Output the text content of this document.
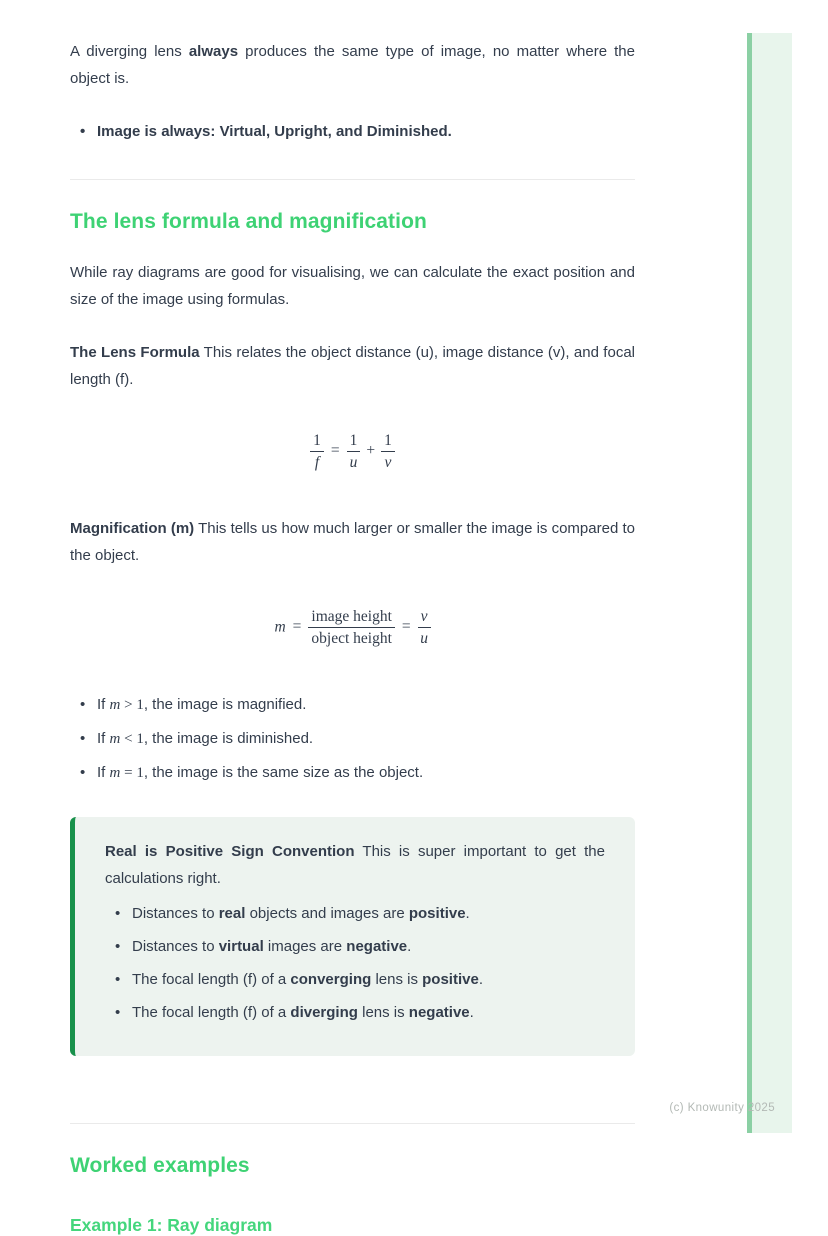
A diverging lens always produces the same type of image, no matter where the object is.

• Image is always: Virtual, Upright, and Diminished.
The lens formula and magnification

While ray diagrams are good for visualising, we can calculate the exact position and size of the image using formulas.

The Lens Formula This relates the object distance (u), image distance (v), and focal length (f).

$\frac{1}{f} = \frac{1}{u} + \frac{1}{v}$

Magnification (m) This tells us how much larger or smaller the image is compared to the object.

$m = \frac{\text{image height}}{\text{object height}} = \frac{v}{u}$
• If m > 1, the image is magnified.
• If m < 1, the image is diminished.
• If m = 1, the image is the same size as the object.

Real is Positive Sign Convention This is super important to get the calculations right.

• Distances to real objects and images are positive.
• Distances to virtual images are negative.
• The focal length (f) of a converging lens is positive.
• The focal length (f) of a diverging lens is negative.
Worked examples
Example 1: Ray diagram
(c) Knowunity 2025
